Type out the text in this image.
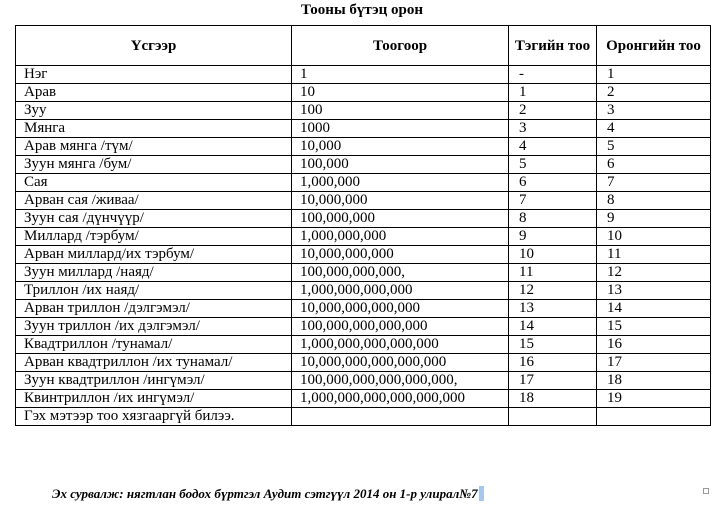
Тооны бүтэц орон
Үсгээр	Тоогоор	Тэгийн тоо	Оронгийн тоо
Нэг	1	-	1
Арав	10	1	2
Зуу	100	2	3
Мянга	1000	3	4
Арав мянга /түм/	10,000	4	5
Зуун мянга /бум/	100,000	5	6
Сая	1,000,000	6	7
Арван сая /живаа/	10,000,000	7	8
Зуун сая /дүнчүүр/	100,000,000	8	9
Миллард /тэрбум/	1,000,000,000	9	10
Арван миллард/их тэрбум/	10,000,000,000	10	11
Зуун миллард /наяд/	100,000,000,000,	11	12
Триллон /их наяд/	1,000,000,000,000	12	13
Арван триллон /дэлгэмэл/	10,000,000,000,000	13	14
Зуун триллон /их дэлгэмэл/	100,000,000,000,000	14	15
Квадтриллон /тунамал/	1,000,000,000,000,000	15	16
Арван квадтриллон /их тунамал/	10,000,000,000,000,000	16	17
Зуун квадтриллон /ингүмэл/	100,000,000,000,000,000,	17	18
Квинтриллон /их ингүмэл/	1,000,000,000,000,000,000	18	19
Гэх мэтээр тоо хязгааргүй билээ.			
Эх сурвалж: нягтлан бодох бүртгэл Аудит сэтгүүл 2014 он 1-р улирал№7
